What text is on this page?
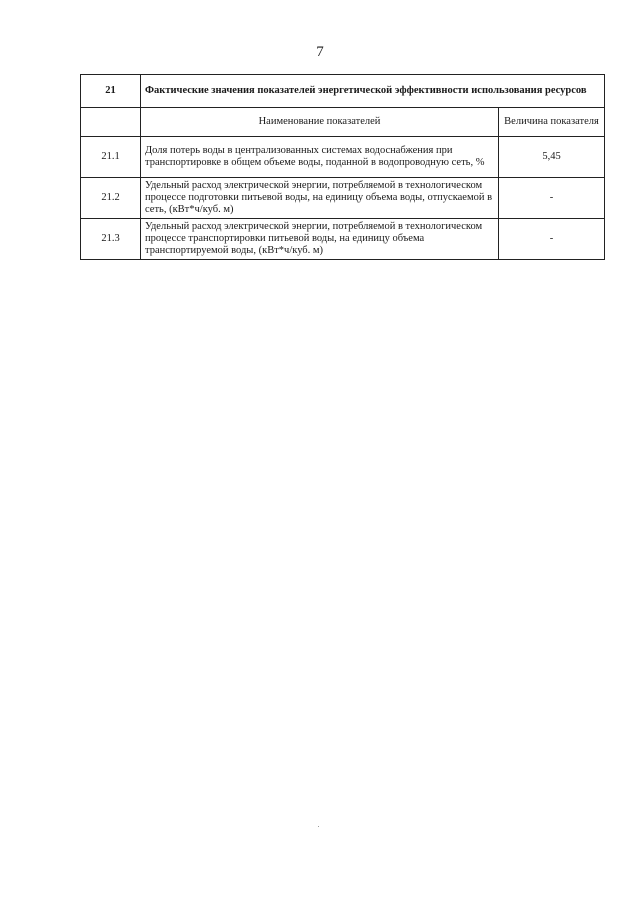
7
21	Фактические значения показателей энергетической эффективности использования ресурсов	
	Наименование показателей	Величина показателя
21.1	Доля потерь воды в централизованных системах водоснабжения при транспортировке в общем объеме воды, поданной в водопроводную сеть, %	5,45
21.2	Удельный расход электрической энергии, потребляемой в технологическом процессе подготовки питьевой воды, на единицу объема воды, отпускаемой в сеть, (кВт*ч/куб. м)	-
21.3	Удельный расход электрической энергии, потребляемой в технологическом процессе транспортировки питьевой воды, на единицу объема транспортируемой воды, (кВт*ч/куб. м)	-
